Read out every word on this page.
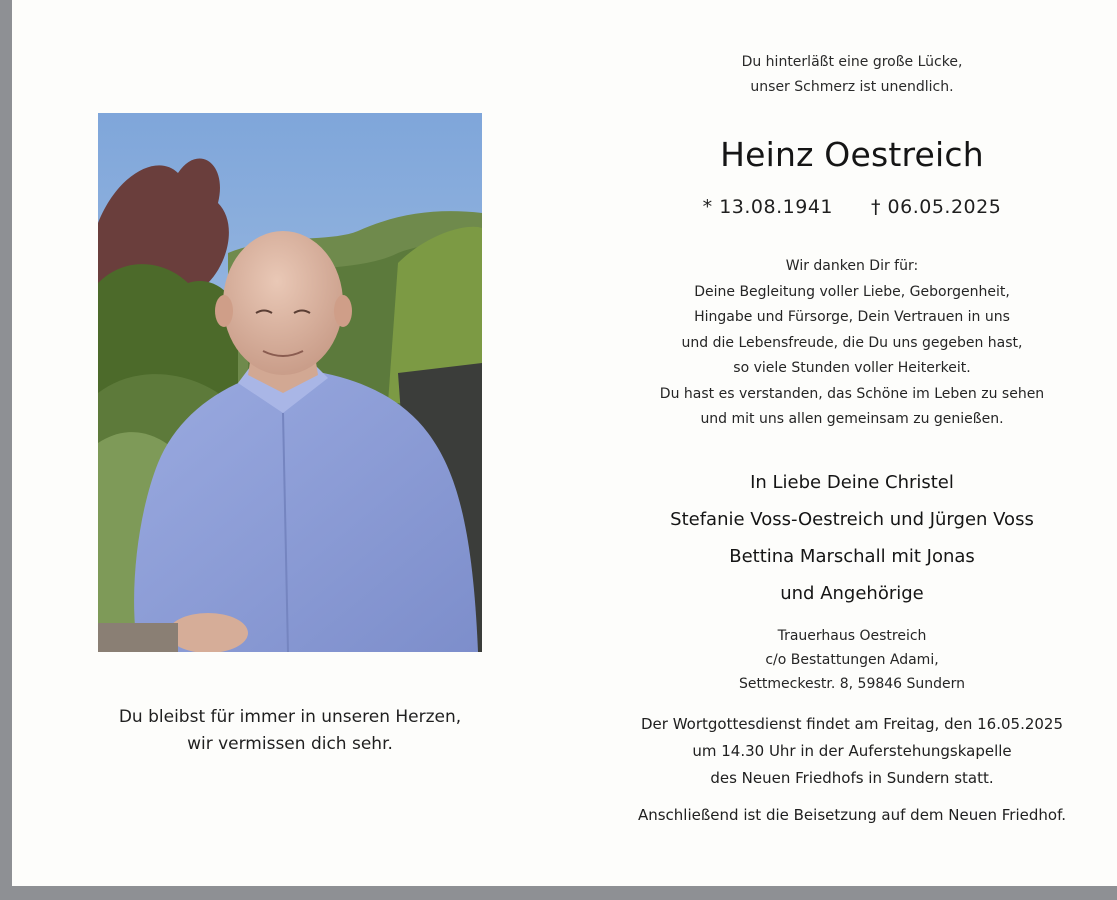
Du bleibst für immer in unseren Herzen,
wir vermissen dich sehr.
Du hinterläßt eine große Lücke,
unser Schmerz ist unendlich.
Heinz Oestreich
* 13.08.1941 † 06.05.2025
Wir danken Dir für:
Deine Begleitung voller Liebe, Geborgenheit,
Hingabe und Fürsorge, Dein Vertrauen in uns
und die Lebensfreude, die Du uns gegeben hast,
so viele Stunden voller Heiterkeit.
Du hast es verstanden, das Schöne im Leben zu sehen
und mit uns allen gemeinsam zu genießen.
In Liebe Deine Christel
Stefanie Voss-Oestreich und Jürgen Voss
Bettina Marschall mit Jonas
und Angehörige
Trauerhaus Oestreich
c/o Bestattungen Adami,
Settmeckestr. 8, 59846 Sundern
Der Wortgottesdienst findet am Freitag, den 16.05.2025
um 14.30 Uhr in der Auferstehungskapelle
des Neuen Friedhofs in Sundern statt.
Anschließend ist die Beisetzung auf dem Neuen Friedhof.
